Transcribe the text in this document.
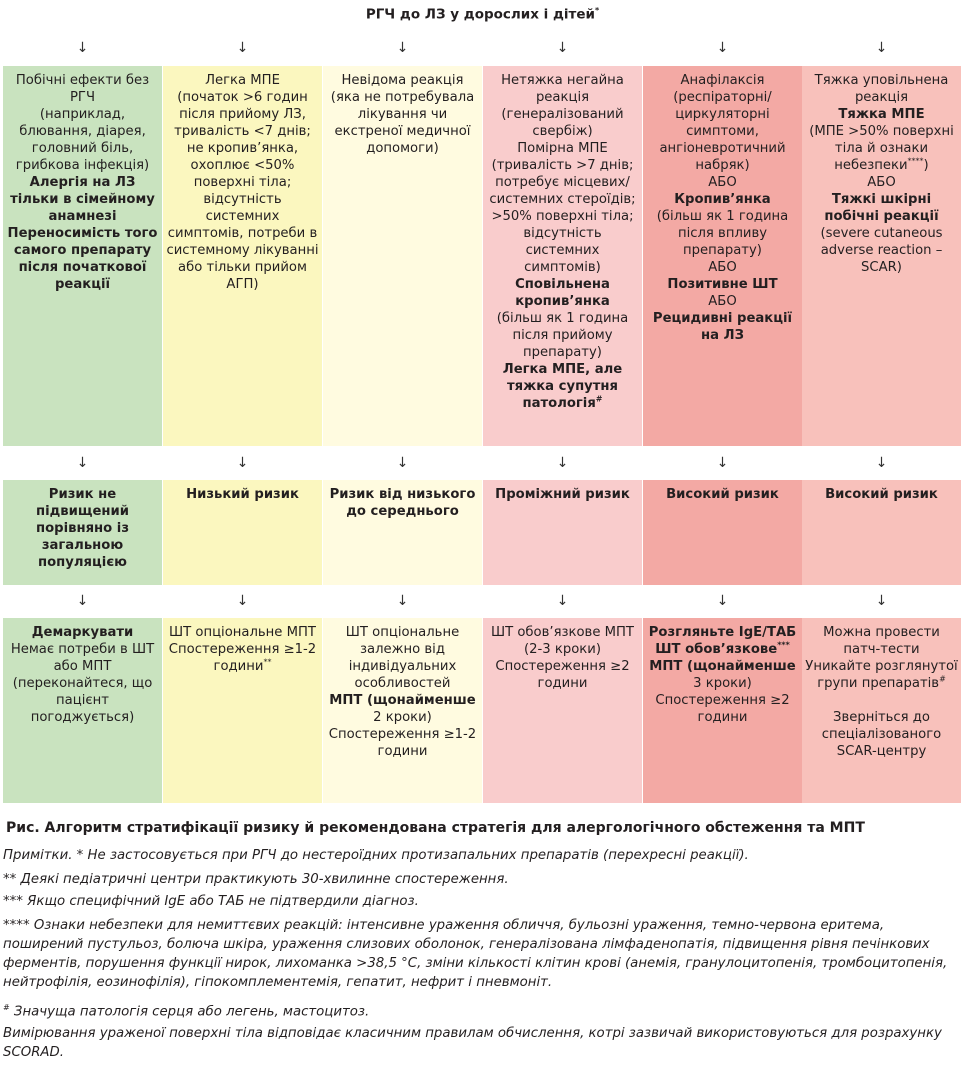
РГЧ до ЛЗ у дорослих і дітей*
↓
Побічні ефекти без РГЧ
(наприклад, блювання, діарея, головний біль, грибкова інфекція)
Алергія на ЛЗ тільки в сімейному анамнезі
Переносимість того самого препарату після початкової реакції
↓
Ризик не підвищений порівняно із загальною популяцією
↓
Демаркувати
Немає потреби в ШТ або МПТ (переконайтеся, що пацієнт погоджується)
↓
Легка МПЕ
(початок >6 годин після прийому ЛЗ, тривалість <7 днів; не кропив’янка, охоплює <50% поверхні тіла; відсутність системних симптомів, потреби в системному лікуванні або тільки прийом АГП)
↓
Низький ризик
↓
ШТ опціональне МПТ
Спостереження ≥1-2 години**
↓
Невідома реакція
(яка не потребувала лікування чи екстреної медичної допомоги)
↓
Ризик від низького до середнього
↓
ШТ опціональне залежно від індивідуальних особливостей
МПТ (щонайменше
2 кроки)
Спостереження ≥1-2 години
↓
Нетяжка негайна реакція
(генералізований свербіж)
Помірна МПЕ
(тривалість >7 днів; потребує місцевих/ системних стероїдів; >50% поверхні тіла; відсутність системних симптомів)
Сповільнена кропив’янка
(більш як 1 година після прийому препарату)
Легка МПЕ, але тяжка супутня патологія#
↓
Проміжний ризик
↓
ШТ обов’язкове МПТ (2-3 кроки)
Спостереження ≥2 години
↓
Анафілаксія
(респіраторні/ циркуляторні симптоми, ангіоневротичний набряк)
АБО
Кропив’янка
(більш як 1 година після впливу препарату)
АБО
Позитивне ШТ
АБО
Рецидивні реакції на ЛЗ
↓
Високий ризик
↓
Розгляньте IgE/ТАБ
ШТ обов’язкове***
МПТ (щонайменше
3 кроки)
Спостереження ≥2 години
↓
Тяжка уповільнена реакція
Тяжка МПЕ
(МПЕ >50% поверхні тіла й ознаки небезпеки****)
АБО
Тяжкі шкірні побічні реакції
(severe cutaneous adverse reaction – SCAR)
↓
Високий ризик
↓
Можна провести патч-тести
Уникайте розглянутої групи препаратів#
Зверніться до спеціалізованого SCAR-центру
Рис. Алгоритм стратифікації ризику й рекомендована стратегія для алергологічного обстеження та МПТ
Примітки. * Не застосовується при РГЧ до нестероїдних протизапальних препаратів (перехресні реакції).
** Деякі педіатричні центри практикують 30-хвилинне спостереження.
*** Якщо специфічний IgE або ТАБ не підтвердили діагноз.
**** Ознаки небезпеки для немиттєвих реакцій: інтенсивне ураження обличчя, бульозні ураження, темно-червона еритема, поширений пустульоз, болюча шкіра, ураження слизових оболонок, генералізована лімфаденопатія, підвищення рівня печінкових ферментів, порушення функції нирок, лихоманка >38,5 °C, зміни кількості клітин крові (анемія, гранулоцитопенія, тромбоцитопенія, нейтрофілія, еозинофілія), гіпокомплементемія, гепатит, нефрит і пневмоніт.
# Значуща патологія серця або легень, мастоцитоз.
Вимірювання ураженої поверхні тіла відповідає класичним правилам обчислення, котрі зазвичай використовуються для розрахунку SCORAD.
